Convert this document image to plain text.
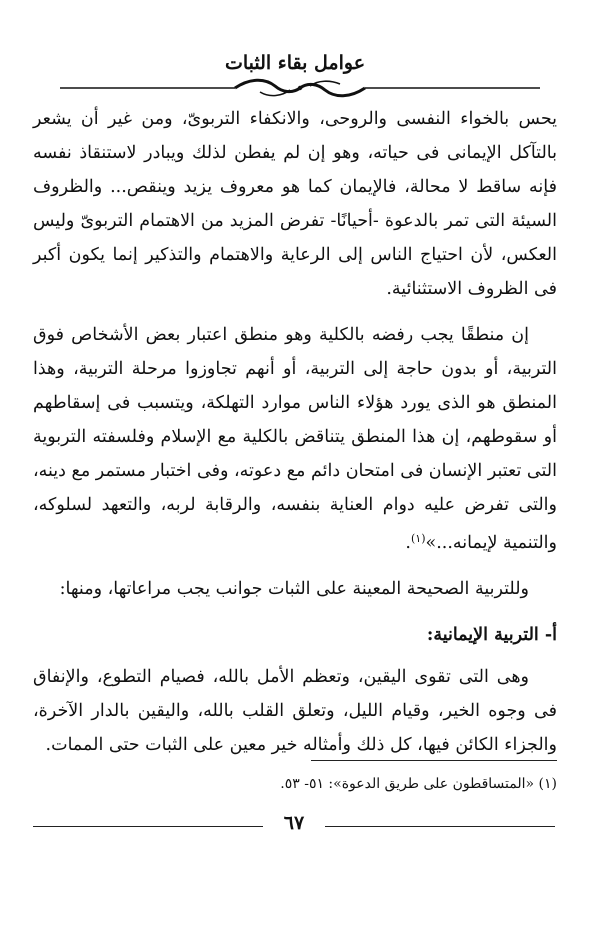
عوامل بقاء الثبات

يحس بالخواء النفسى والروحى، والانكفاء التربوىّ، ومن غير أن يشعر بالتآكل الإيمانى فى حياته، وهو إن لم يفطن لذلك ويبادر لاستنقاذ نفسه فإنه ساقط لا محالة، فالإيمان كما هو معروف يزيد وينقص... والظروف السيئة التى تمر بالدعوة -أحيانًا- تفرض المزيد من الاهتمام التربوىّ وليس العكس، لأن احتياج الناس إلى الرعاية والاهتمام والتذكير إنما يكون أكبر فى الظروف الاستثنائية.

إن منطقًا يجب رفضه بالكلية وهو منطق اعتبار بعض الأشخاص فوق التربية، أو بدون حاجة إلى التربية، أو أنهم تجاوزوا مرحلة التربية، وهذا المنطق هو الذى يورد هؤلاء الناس موارد التهلكة، ويتسبب فى إسقاطهم أو سقوطهم، إن هذا المنطق يتناقض بالكلية مع الإسلام وفلسفته التربوية التى تعتبر الإنسان فى امتحان دائم مع دعوته، وفى اختبار مستمر مع دينه، والتى تفرض عليه دوام العناية بنفسه، والرقابة لربه، والتعهد لسلوكه، والتنمية لإيمانه...»$^{(١)}$.

وللتربية الصحيحة المعينة على الثبات جوانب يجب مراعاتها، ومنها:

أ- التربية الإيمانية:

وهى التى تقوى اليقين، وتعظم الأمل بالله، فصيام التطوع، والإنفاق فى وجوه الخير، وقيام الليل، وتعلق القلب بالله، واليقين بالدار الآخرة، والجزاء الكائن فيها، كل ذلك وأمثاله خير معين على الثبات حتى الممات.

(١) «المتساقطون على طريق الدعوة»: ٥١- ٥٣.
٦٧
